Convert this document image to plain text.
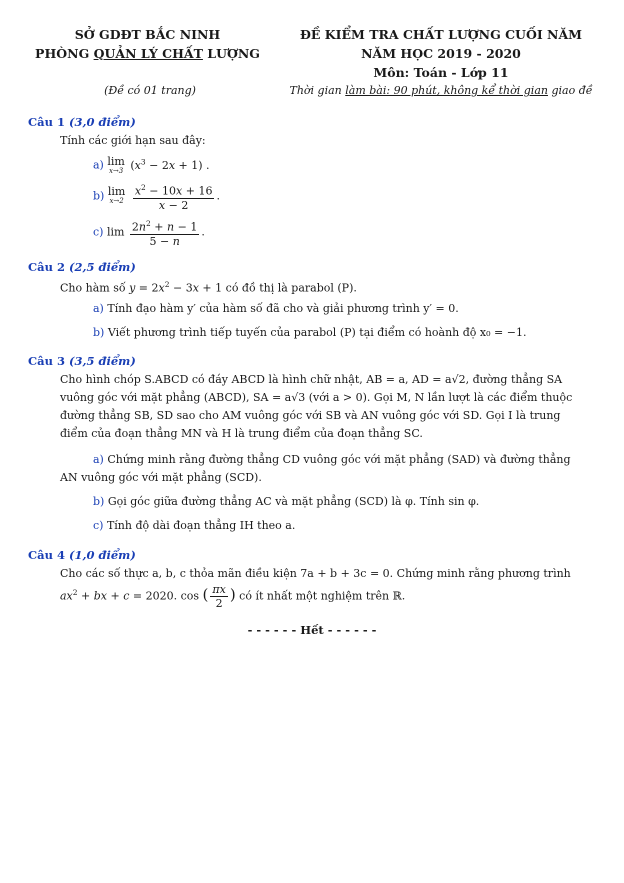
SỞ GDĐT BẮC NINH
PHÒNG QUẢN LÝ CHẤT LƯỢNG
ĐỀ KIỂM TRA CHẤT LƯỢNG CUỐI NĂM
NĂM HỌC 2019 - 2020
Môn: Toán - Lớp 11
(Đề có 01 trang)	Thời gian làm bài: 90 phút, không kể thời gian giao đề
Câu 1 (3,0 điểm)
Tính các giới hạn sau đây:
a) lim
x→3 $(x^3 - 2x + 1)$ .
b) lim
x→2
$\frac{x^2 - 10x + 16}{x - 2}$ .
c) $\lim \frac{2n^2 + n - 1}{5 - n}$ .
Câu 2 (2,5 điểm)
Cho hàm số $y = 2x^2 - 3x + 1$ có đồ thị là parabol (P).
a) Tính đạo hàm y′ của hàm số đã cho và giải phương trình y′ = 0.
b) Viết phương trình tiếp tuyến của parabol (P) tại điểm có hoành độ x₀ = −1.
Câu 3 (3,5 điểm)
Cho hình chóp S.ABCD có đáy ABCD là hình chữ nhật, AB = a, AD = a√2, đường thẳng SA
vuông góc với mặt phẳng (ABCD), SA = a√3 (với a > 0). Gọi M, N lần lượt là các điểm thuộc
đường thẳng SB, SD sao cho AM vuông góc với SB và AN vuông góc với SD. Gọi I là trung
điểm của đoạn thẳng MN và H là trung điểm của đoạn thẳng SC.
a) Chứng minh rằng đường thẳng CD vuông góc với mặt phẳng (SAD) và đường thẳng
AN vuông góc với mặt phẳng (SCD).
b) Gọi góc giữa đường thẳng AC và mặt phẳng (SCD) là φ. Tính sin φ.
c) Tính độ dài đoạn thẳng IH theo a.
Câu 4 (1,0 điểm)
Cho các số thực a, b, c thỏa mãn điều kiện 7a + b + 3c = 0. Chứng minh rằng phương trình
$ax^2$ + bx + c = 2020. cos ( $\frac{\pi x}{2}$ ) có ít nhất một nghiệm trên ℝ.
- - - - - - Hết - - - - - -
